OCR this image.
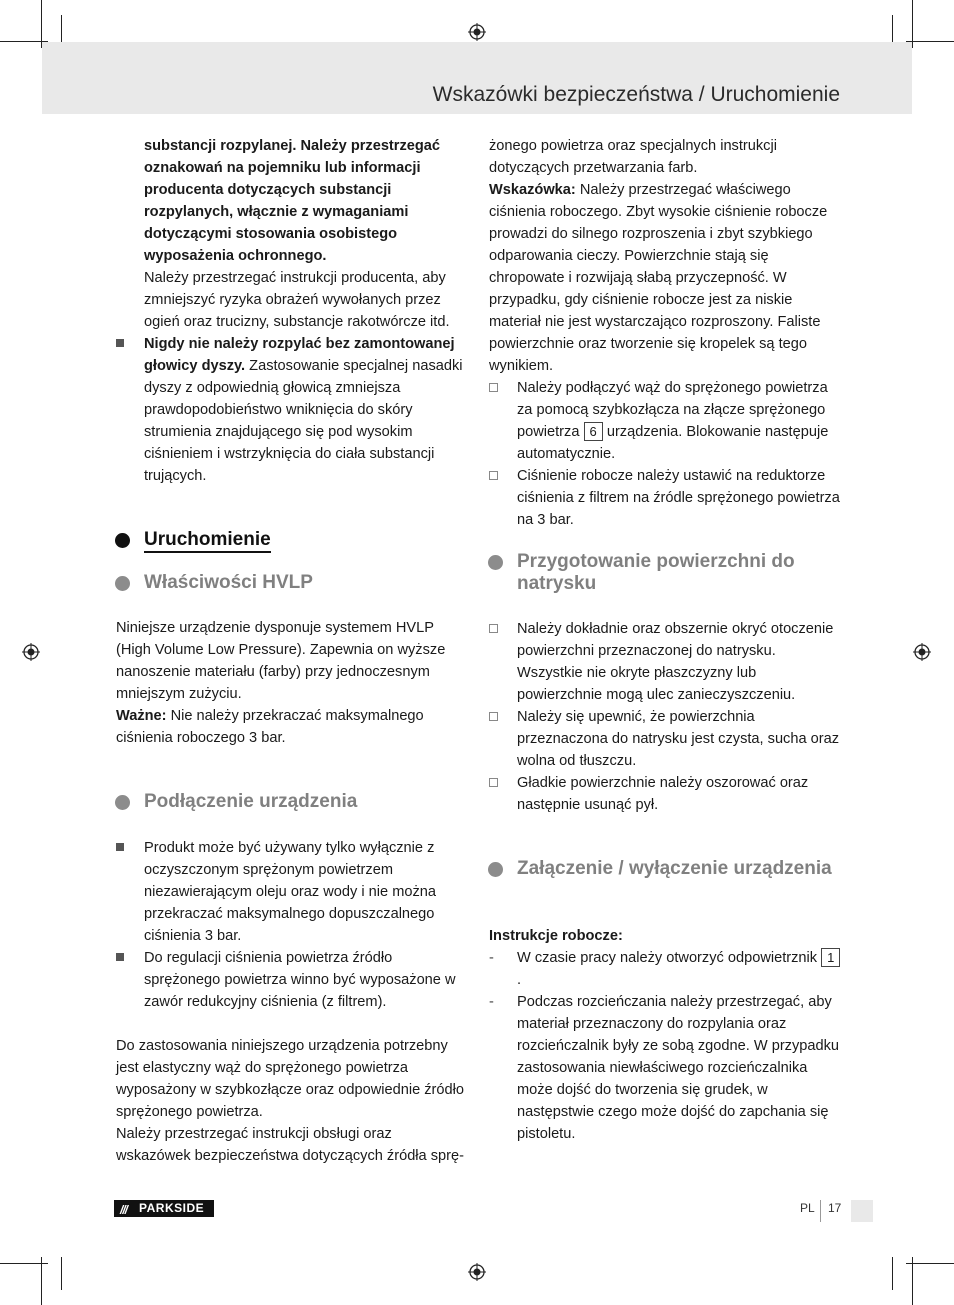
Wskazówki bezpieczeństwa / Uruchomienie

substancji rozpylanej. Należy przestrzegać oznakowań na pojemniku lub informacji producenta dotyczących substancji rozpylanych, włącznie z wymaganiami dotyczącymi stosowania osobistego wyposażenia ochronnego.

Należy przestrzegać instrukcji producenta, aby zmniejszyć ryzyka obrażeń wywołanych przez ogień oraz trucizny, substancje rakotwórcze itd.

Nigdy nie należy rozpylać bez zamontowanej głowicy dyszy. Zastosowanie specjalnej nasadki dyszy z odpowiednią głowicą zmniejsza prawdopodobieństwo wniknięcia do skóry strumienia znajdującego się pod wysokim ciśnieniem i wstrzyknięcia do ciała substancji trujących.

Uruchomienie
Właściwości HVLP

Niniejsze urządzenie dysponuje systemem HVLP (High Volume Low Pressure). Zapewnia on wyższe nanoszenie materiału (farby) przy jednoczesnym mniejszym zużyciu.

Ważne: Nie należy przekraczać maksymalnego ciśnienia roboczego 3 bar.

Podłączenie urządzenia

Produkt może być używany tylko wyłącznie z oczyszczonym sprężonym powietrzem niezawierającym oleju oraz wody i nie można przekraczać maksymalnego dopuszczalnego ciśnienia 3 bar.

Do regulacji ciśnienia powietrza źródło sprężonego powietrza winno być wyposażone w zawór redukcyjny ciśnienia (z filtrem).

Do zastosowania niniejszego urządzenia potrzebny jest elastyczny wąż do sprężonego powietrza wyposażony w szybkozłącze oraz odpowiednie źródło sprężonego powietrza.

Należy przestrzegać instrukcji obsługi oraz wskazówek bezpieczeństwa dotyczących źródła sprę-

żonego powietrza oraz specjalnych instrukcji dotyczących przetwarzania farb.

Wskazówka: Należy przestrzegać właściwego ciśnienia roboczego. Zbyt wysokie ciśnienie robocze prowadzi do silnego rozproszenia i zbyt szybkiego odparowania cieczy. Powierzchnie stają się chropowate i rozwijają słabą przyczepność. W przypadku, gdy ciśnienie robocze jest za niskie materiał nie jest wystarczająco rozproszony. Faliste powierzchnie oraz tworzenie się kropelek są tego wynikiem.

Należy podłączyć wąż do sprężonego powietrza za pomocą szybkozłącza na złącze sprężonego powietrza 6 urządzenia. Blokowanie następuje automatycznie.

Ciśnienie robocze należy ustawić na reduktorze ciśnienia z filtrem na źródle sprężonego powietrza na 3 bar.

Przygotowanie powierzchni do natrysku

Należy dokładnie oraz obszernie okryć otoczenie powierzchni przeznaczonej do natrysku. Wszystkie nie okryte płaszczyzny lub powierzchnie mogą ulec zanieczyszczeniu.

Należy się upewnić, że powierzchnia przeznaczona do natrysku jest czysta, sucha oraz wolna od tłuszczu.

Gładkie powierzchnie należy oszorować oraz następnie usunąć pył.

Załączenie / wyłączenie urządzenia

Instrukcje robocze:

-	W czasie pracy należy otworzyć odpowietrznik 1.

-	Podczas rozcieńczania należy przestrzegać, aby materiał przeznaczony do rozpylania oraz rozcieńczalnik były ze sobą zgodne. W przypadku zastosowania niewłaściwego rozcieńczalnika może dojść do tworzenia się grudek, w następstwie czego może dojść do zapchania się pistoletu.

/// PARKSIDE	PL 17
